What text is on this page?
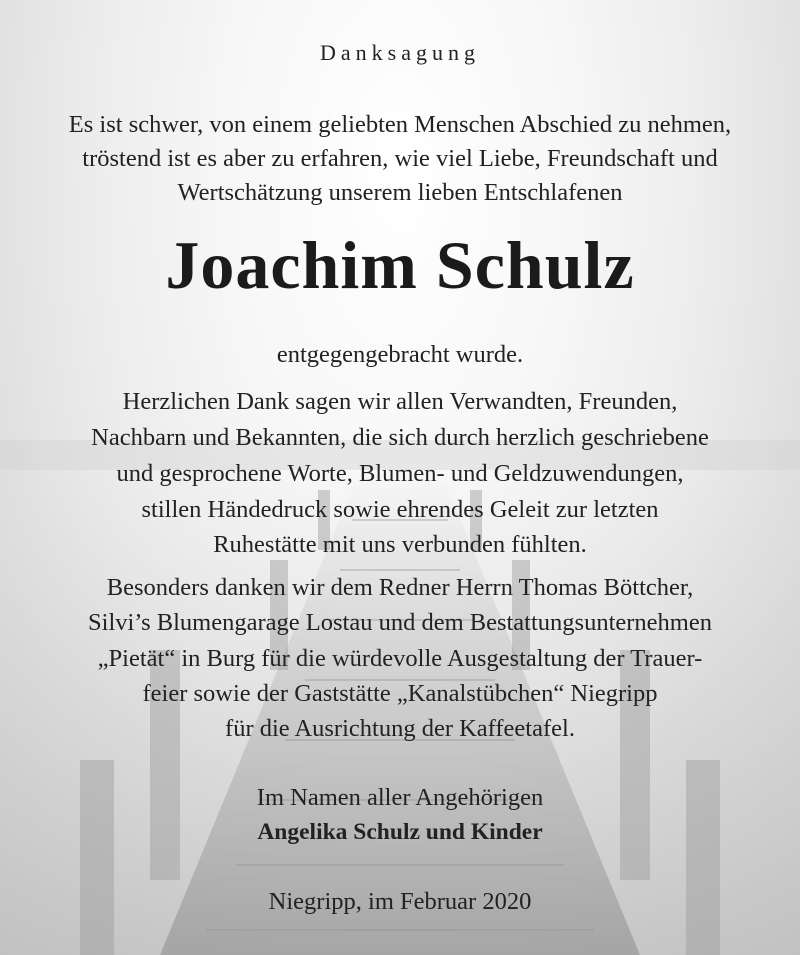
Danksagung
Es ist schwer, von einem geliebten Menschen Abschied zu nehmen,
tröstend ist es aber zu erfahren, wie viel Liebe, Freundschaft und
Wertschätzung unserem lieben Entschlafenen
Joachim Schulz
entgegengebracht wurde.
Herzlichen Dank sagen wir allen Verwandten, Freunden,
Nachbarn und Bekannten, die sich durch herzlich geschriebene
und gesprochene Worte, Blumen- und Geldzuwendungen,
stillen Händedruck sowie ehrendes Geleit zur letzten
Ruhestätte mit uns verbunden fühlten.
Besonders danken wir dem Redner Herrn Thomas Böttcher,
Silvi’s Blumengarage Lostau und dem Bestattungsunternehmen
„Pietät“ in Burg für die würdevolle Ausgestaltung der Trauer-
feier sowie der Gaststätte „Kanalstübchen“ Niegripp
für die Ausrichtung der Kaffeetafel.
Im Namen aller Angehörigen
Angelika Schulz und Kinder
Niegripp, im Februar 2020
